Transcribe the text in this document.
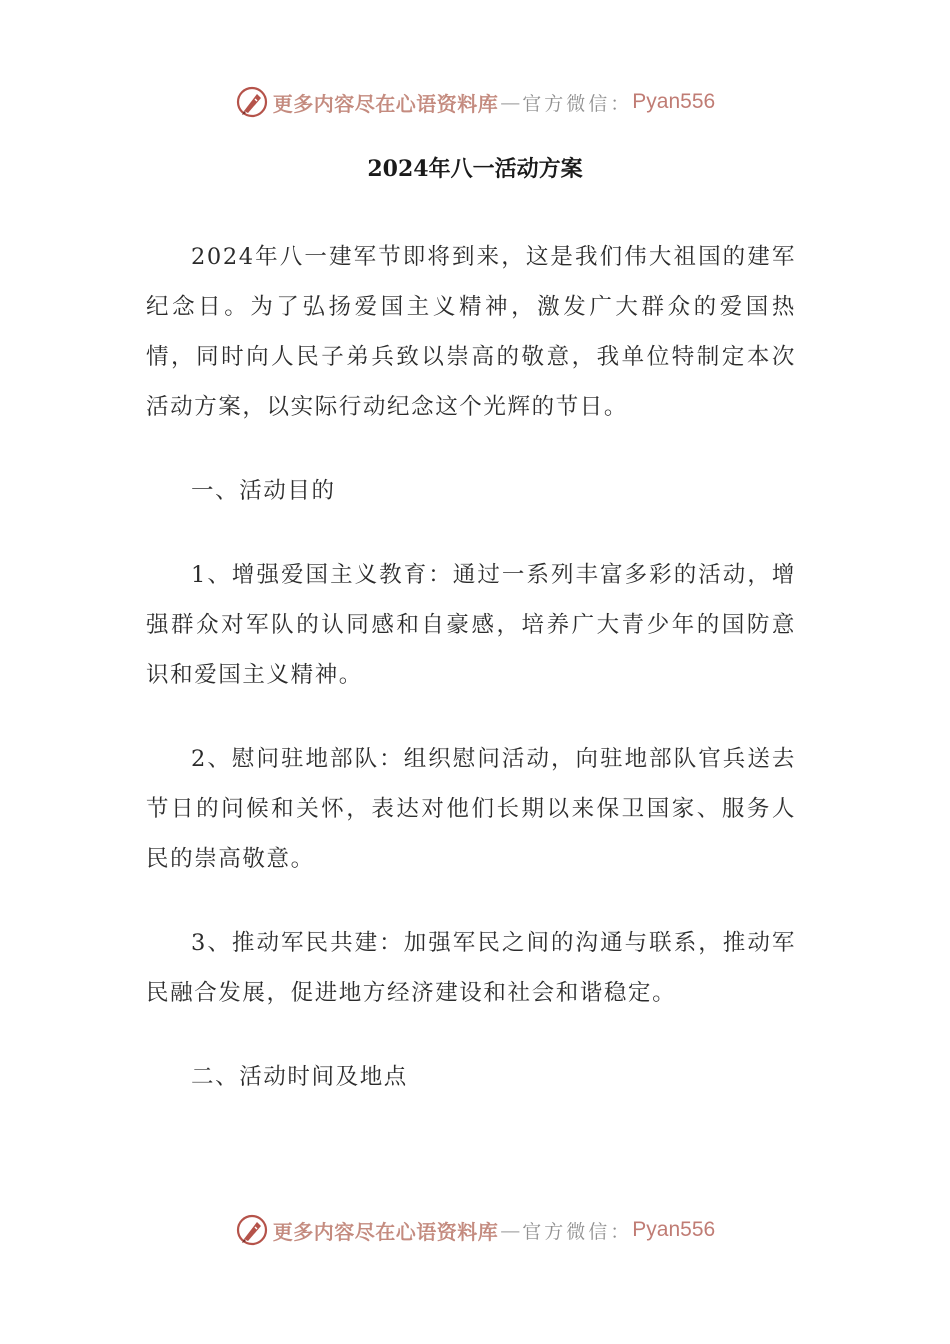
更多内容尽在心语资料库 — 官方微信： Pyan556
2024年八一活动方案

2024年八一建军节即将到来，这是我们伟大祖国的建军纪念日。为了弘扬爱国主义精神，激发广大群众的爱国热情，同时向人民子弟兵致以崇高的敬意，我单位特制定本次活动方案，以实际行动纪念这个光辉的节日。

一、活动目的

1、增强爱国主义教育：通过一系列丰富多彩的活动，增强群众对军队的认同感和自豪感，培养广大青少年的国防意识和爱国主义精神。

2、慰问驻地部队：组织慰问活动，向驻地部队官兵送去节日的问候和关怀，表达对他们长期以来保卫国家、服务人民的崇高敬意。

3、推动军民共建：加强军民之间的沟通与联系，推动军民融合发展，促进地方经济建设和社会和谐稳定。

二、活动时间及地点

更多内容尽在心语资料库 — 官方微信： Pyan556
